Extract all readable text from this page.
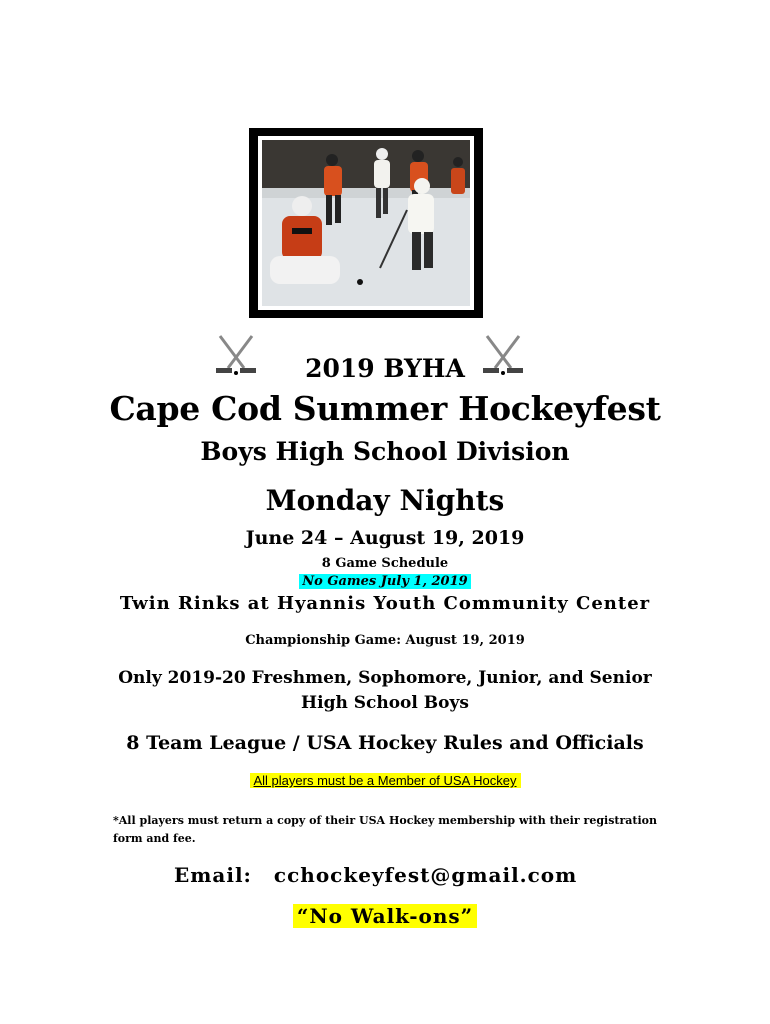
2019 BYHA
Cape Cod Summer Hockeyfest
Boys High School Division
Monday Nights
June 24 – August 19, 2019
8 Game Schedule
No Games July 1, 2019
Twin Rinks at Hyannis Youth Community Center
Championship Game: August 19, 2019
Only 2019-20 Freshmen, Sophomore, Junior, and Senior
High School Boys
8 Team League / USA Hockey Rules and Officials
All players must be a Member of USA Hockey
*All players must return a copy of their USA Hockey membership with their registration form and fee.
Email: cchockeyfest@gmail.com
“No Walk-ons”
